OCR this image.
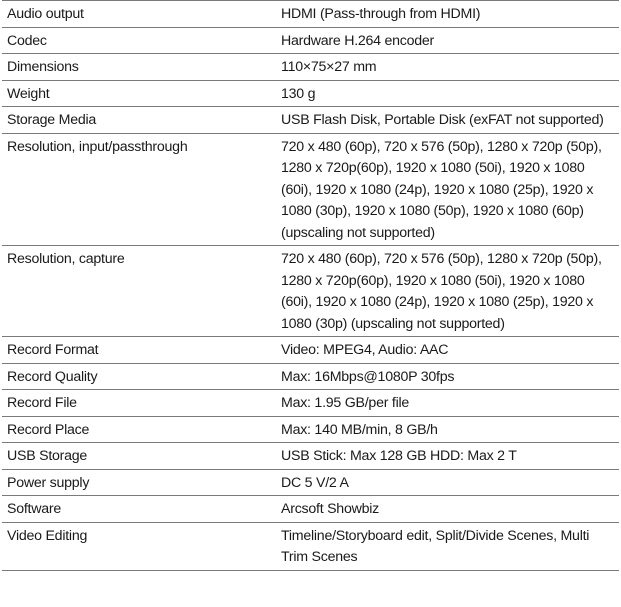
Audio output	HDMI (Pass-through from HDMI)
Codec	Hardware H.264 encoder
Dimensions	110×75×27 mm
Weight	130 g
Storage Media	USB Flash Disk, Portable Disk (exFAT not supported)
Resolution, input/passthrough	720 x 480 (60p), 720 x 576 (50p), 1280 x 720p (50p), 1280 x 720p(60p), 1920 x 1080 (50i), 1920 x 1080 (60i), 1920 x 1080 (24p), 1920 x 1080 (25p), 1920 x 1080 (30p), 1920 x 1080 (50p), 1920 x 1080 (60p) (upscaling not supported)
Resolution, capture	720 x 480 (60p), 720 x 576 (50p), 1280 x 720p (50p), 1280 x 720p(60p), 1920 x 1080 (50i), 1920 x 1080 (60i), 1920 x 1080 (24p), 1920 x 1080 (25p), 1920 x 1080 (30p) (upscaling not supported)
Record Format	Video: MPEG4, Audio: AAC
Record Quality	Max: 16Mbps@1080P 30fps
Record File	Max: 1.95 GB/per file
Record Place	Max: 140 MB/min, 8 GB/h
USB Storage	USB Stick: Max 128 GB HDD: Max 2 T
Power supply	DC 5 V/2 A
Software	Arcsoft Showbiz
Video Editing	Timeline/Storyboard edit, Split/Divide Scenes, Multi Trim Scenes
